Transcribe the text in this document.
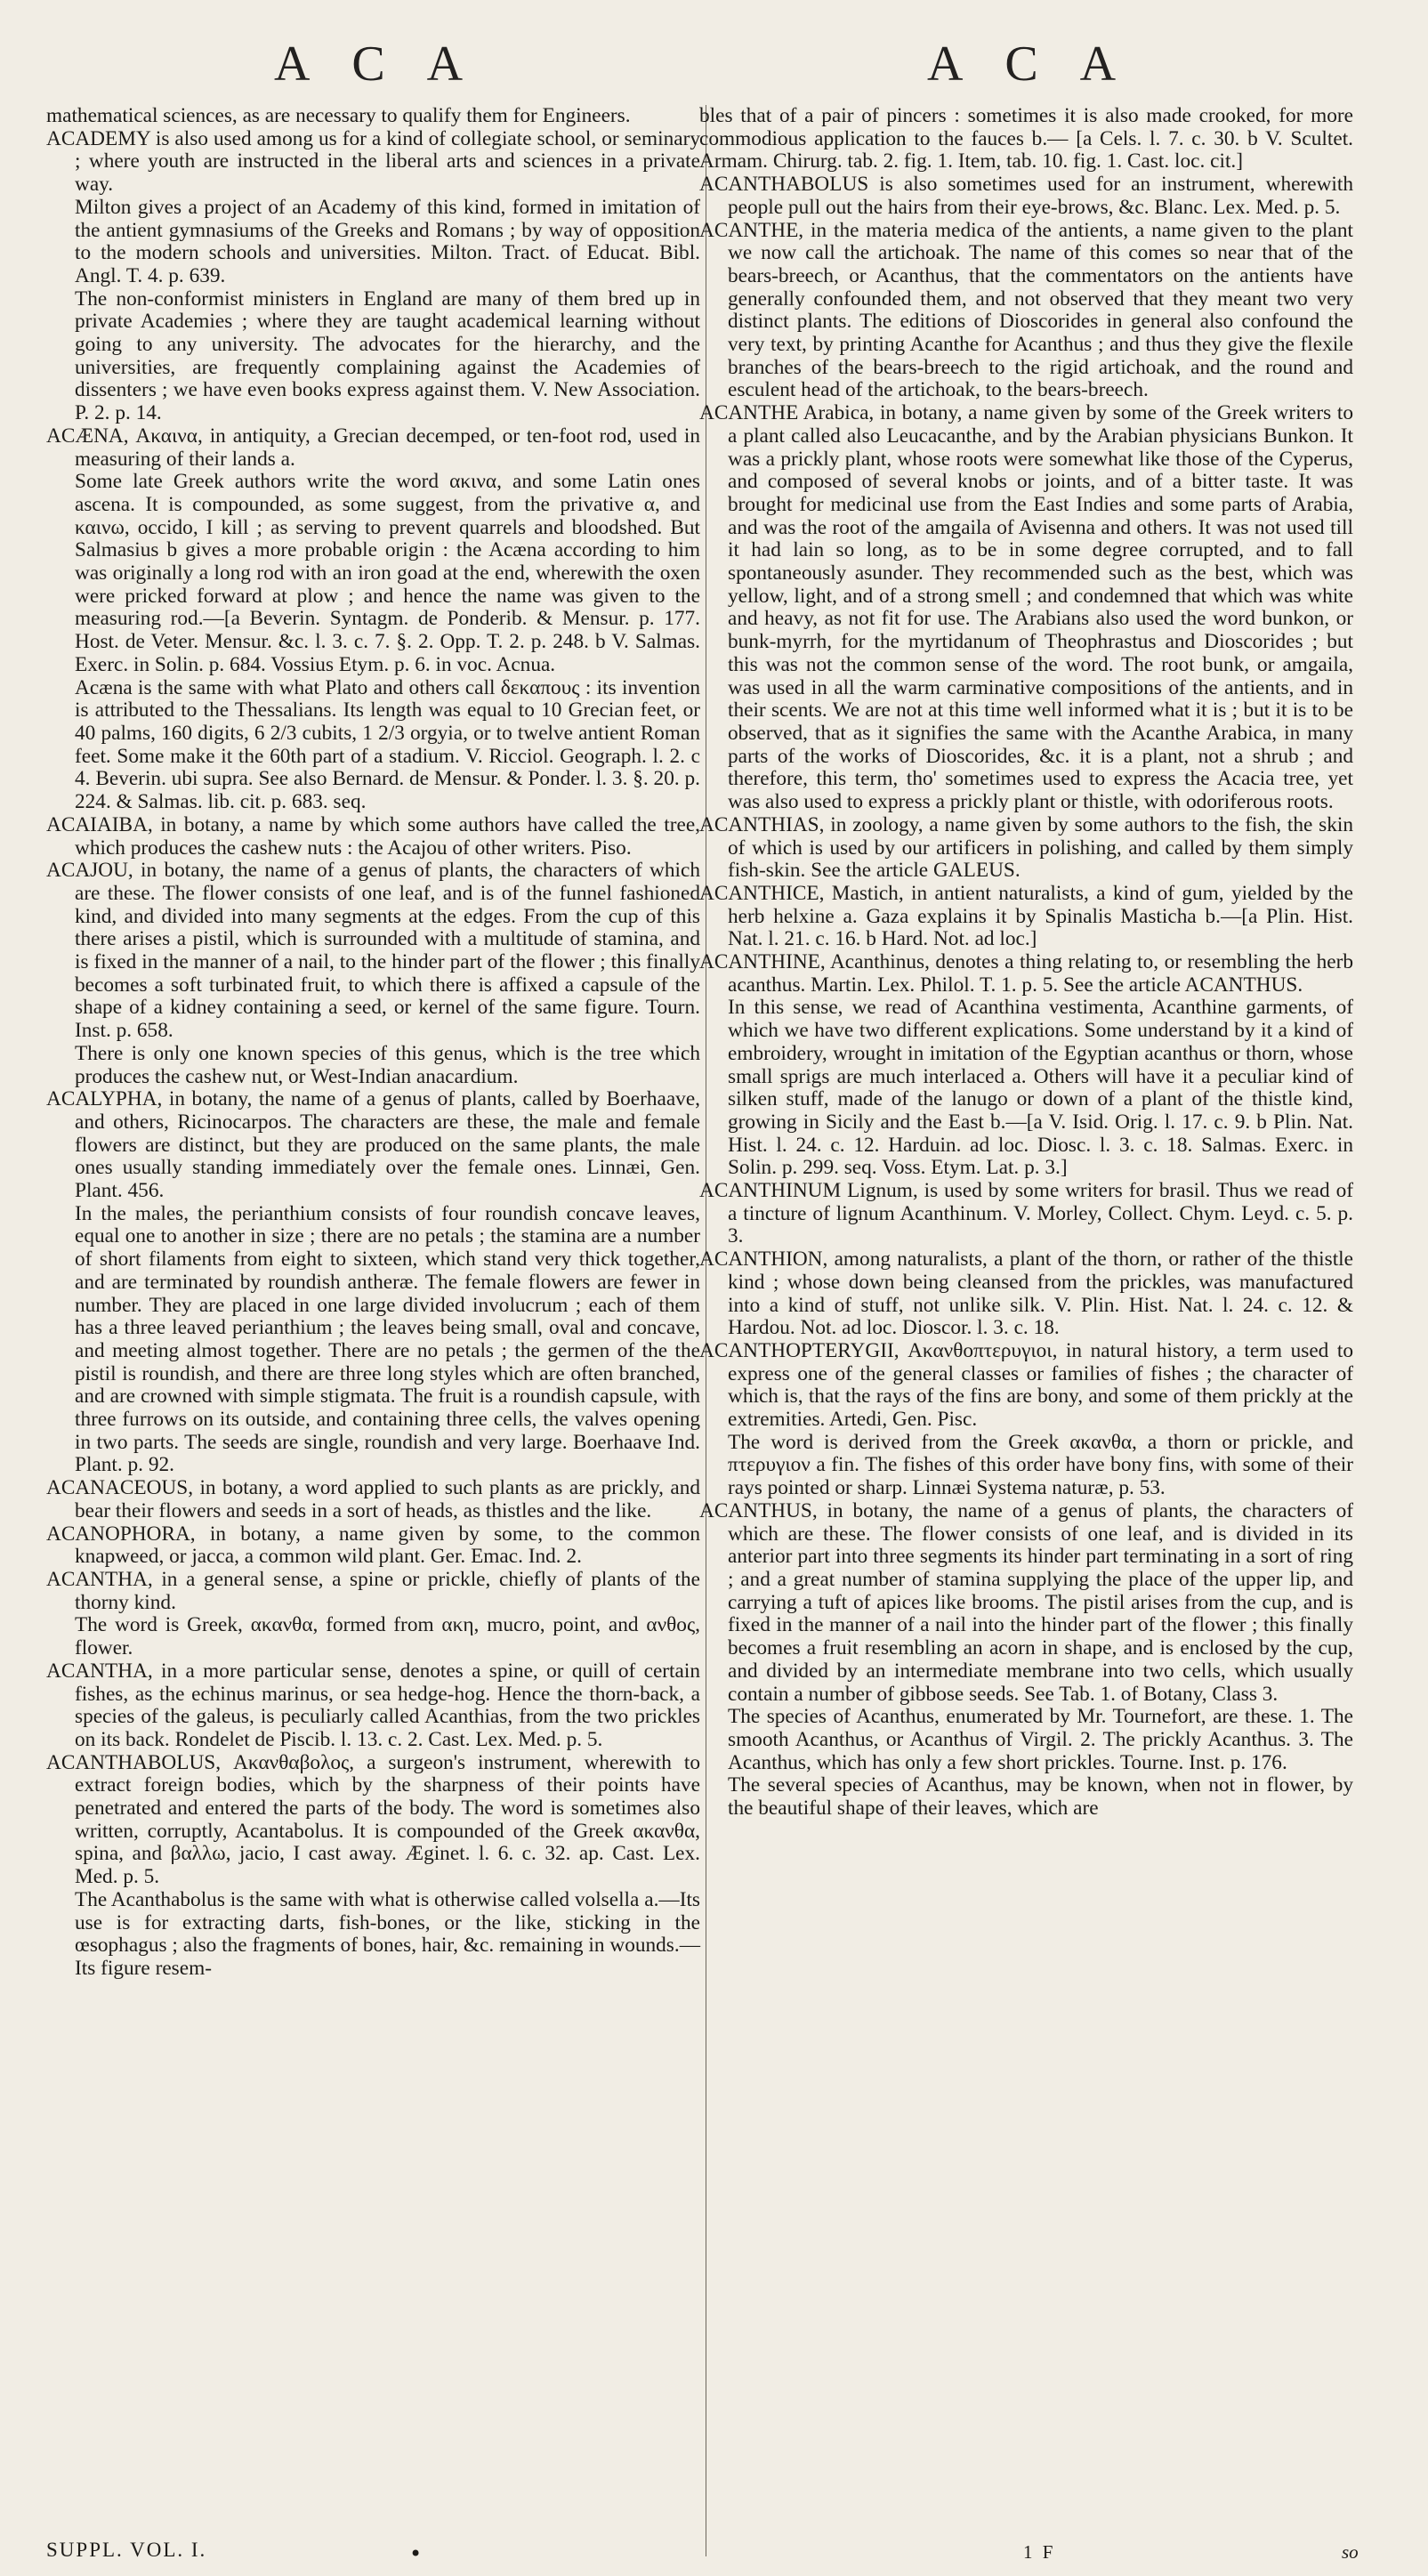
A C A	A C A

mathematical sciences, as are necessary to qualify them for Engineers.

ACADEMY is also used among us for a kind of collegiate school, or seminary ; where youth are instructed in the liberal arts and sciences in a private way.

Milton gives a project of an Academy of this kind, formed in imitation of the antient gymnasiums of the Greeks and Romans ; by way of opposition to the modern schools and universities. Milton. Tract. of Educat. Bibl. Angl. T. 4. p. 639.

The non-conformist ministers in England are many of them bred up in private Academies ; where they are taught academical learning without going to any university. The advocates for the hierarchy, and the universities, are frequently complaining against the Academies of dissenters ; we have even books express against them. V. New Association. P. 2. p. 14.

ACÆNA, Ακαινα, in antiquity, a Grecian decemped, or ten-foot rod, used in measuring of their lands a.

Some late Greek authors write the word ακινα, and some Latin ones ascena. It is compounded, as some suggest, from the privative α, and καινω, occido, I kill ; as serving to prevent quarrels and bloodshed. But Salmasius b gives a more probable origin : the Acæna according to him was originally a long rod with an iron goad at the end, wherewith the oxen were pricked forward at plow ; and hence the name was given to the measuring rod.—[a Beverin. Syntagm. de Ponderib. & Mensur. p. 177. Host. de Veter. Mensur. &c. l. 3. c. 7. §. 2. Opp. T. 2. p. 248. b V. Salmas. Exerc. in Solin. p. 684. Vossius Etym. p. 6. in voc. Acnua.

Acæna is the same with what Plato and others call δεκαπους : its invention is attributed to the Thessalians. Its length was equal to 10 Grecian feet, or 40 palms, 160 digits, 6 2/3 cubits, 1 2/3 orgyia, or to twelve antient Roman feet. Some make it the 60th part of a stadium. V. Ricciol. Geograph. l. 2. c 4. Beverin. ubi supra. See also Bernard. de Mensur. & Ponder. l. 3. §. 20. p. 224. & Salmas. lib. cit. p. 683. seq.

ACAIAIBA, in botany, a name by which some authors have called the tree, which produces the cashew nuts : the Acajou of other writers. Piso.

ACAJOU, in botany, the name of a genus of plants, the characters of which are these. The flower consists of one leaf, and is of the funnel fashioned kind, and divided into many segments at the edges. From the cup of this there arises a pistil, which is surrounded with a multitude of stamina, and is fixed in the manner of a nail, to the hinder part of the flower ; this finally becomes a soft turbinated fruit, to which there is affixed a capsule of the shape of a kidney containing a seed, or kernel of the same figure. Tourn. Inst. p. 658.

There is only one known species of this genus, which is the tree which produces the cashew nut, or West-Indian anacardium.

ACALYPHA, in botany, the name of a genus of plants, called by Boerhaave, and others, Ricinocarpos. The characters are these, the male and female flowers are distinct, but they are produced on the same plants, the male ones usually standing immediately over the female ones. Linnæi, Gen. Plant. 456.

In the males, the perianthium consists of four roundish concave leaves, equal one to another in size ; there are no petals ; the stamina are a number of short filaments from eight to sixteen, which stand very thick together, and are terminated by roundish antheræ. The female flowers are fewer in number. They are placed in one large divided involucrum ; each of them has a three leaved perianthium ; the leaves being small, oval and concave, and meeting almost together. There are no petals ; the germen of the the pistil is roundish, and there are three long styles which are often branched, and are crowned with simple stigmata. The fruit is a roundish capsule, with three furrows on its outside, and containing three cells, the valves opening in two parts. The seeds are single, roundish and very large. Boerhaave Ind. Plant. p. 92.

ACANACEOUS, in botany, a word applied to such plants as are prickly, and bear their flowers and seeds in a sort of heads, as thistles and the like.

ACANOPHORA, in botany, a name given by some, to the common knapweed, or jacca, a common wild plant. Ger. Emac. Ind. 2.

ACANTHA, in a general sense, a spine or prickle, chiefly of plants of the thorny kind.

The word is Greek, ακανθα, formed from ακη, mucro, point, and ανθος, flower.

ACANTHA, in a more particular sense, denotes a spine, or quill of certain fishes, as the echinus marinus, or sea hedge-hog. Hence the thorn-back, a species of the galeus, is peculiarly called Acanthias, from the two prickles on its back. Rondelet de Piscib. l. 13. c. 2. Cast. Lex. Med. p. 5.

ACANTHABOLUS, Ακανθαβολος, a surgeon's instrument, wherewith to extract foreign bodies, which by the sharpness of their points have penetrated and entered the parts of the body. The word is sometimes also written, corruptly, Acantabolus. It is compounded of the Greek ακανθα, spina, and βαλλω, jacio, I cast away. Æginet. l. 6. c. 32. ap. Cast. Lex. Med. p. 5.

The Acanthabolus is the same with what is otherwise called volsella a.—Its use is for extracting darts, fish-bones, or the like, sticking in the œsophagus ; also the fragments of bones, hair, &c. remaining in wounds.—Its figure resem-

bles that of a pair of pincers : sometimes it is also made crooked, for more commodious application to the fauces b.— [a Cels. l. 7. c. 30. b V. Scultet. Armam. Chirurg. tab. 2. fig. 1. Item, tab. 10. fig. 1. Cast. loc. cit.]

ACANTHABOLUS is also sometimes used for an instrument, wherewith people pull out the hairs from their eye-brows, &c. Blanc. Lex. Med. p. 5.

ACANTHE, in the materia medica of the antients, a name given to the plant we now call the artichoak. The name of this comes so near that of the bears-breech, or Acanthus, that the commentators on the antients have generally confounded them, and not observed that they meant two very distinct plants. The editions of Dioscorides in general also confound the very text, by printing Acanthe for Acanthus ; and thus they give the flexile branches of the bears-breech to the rigid artichoak, and the round and esculent head of the artichoak, to the bears-breech.

ACANTHE Arabica, in botany, a name given by some of the Greek writers to a plant called also Leucacanthe, and by the Arabian physicians Bunkon. It was a prickly plant, whose roots were somewhat like those of the Cyperus, and composed of several knobs or joints, and of a bitter taste. It was brought for medicinal use from the East Indies and some parts of Arabia, and was the root of the amgaila of Avisenna and others. It was not used till it had lain so long, as to be in some degree corrupted, and to fall spontaneously asunder. They recommended such as the best, which was yellow, light, and of a strong smell ; and condemned that which was white and heavy, as not fit for use. The Arabians also used the word bunkon, or bunk-myrrh, for the myrtidanum of Theophrastus and Dioscorides ; but this was not the common sense of the word. The root bunk, or amgaila, was used in all the warm carminative compositions of the antients, and in their scents. We are not at this time well informed what it is ; but it is to be observed, that as it signifies the same with the Acanthe Arabica, in many parts of the works of Dioscorides, &c. it is a plant, not a shrub ; and therefore, this term, tho' sometimes used to express the Acacia tree, yet was also used to express a prickly plant or thistle, with odoriferous roots.

ACANTHIAS, in zoology, a name given by some authors to the fish, the skin of which is used by our artificers in polishing, and called by them simply fish-skin. See the article GALEUS.

ACANTHICE, Mastich, in antient naturalists, a kind of gum, yielded by the herb helxine a. Gaza explains it by Spinalis Masticha b.—[a Plin. Hist. Nat. l. 21. c. 16. b Hard. Not. ad loc.]

ACANTHINE, Acanthinus, denotes a thing relating to, or resembling the herb acanthus. Martin. Lex. Philol. T. 1. p. 5. See the article ACANTHUS.

In this sense, we read of Acanthina vestimenta, Acanthine garments, of which we have two different explications. Some understand by it a kind of embroidery, wrought in imitation of the Egyptian acanthus or thorn, whose small sprigs are much interlaced a. Others will have it a peculiar kind of silken stuff, made of the lanugo or down of a plant of the thistle kind, growing in Sicily and the East b.—[a V. Isid. Orig. l. 17. c. 9. b Plin. Nat. Hist. l. 24. c. 12. Harduin. ad loc. Diosc. l. 3. c. 18. Salmas. Exerc. in Solin. p. 299. seq. Voss. Etym. Lat. p. 3.]

ACANTHINUM Lignum, is used by some writers for brasil. Thus we read of a tincture of lignum Acanthinum. V. Morley, Collect. Chym. Leyd. c. 5. p. 3.

ACANTHION, among naturalists, a plant of the thorn, or rather of the thistle kind ; whose down being cleansed from the prickles, was manufactured into a kind of stuff, not unlike silk. V. Plin. Hist. Nat. l. 24. c. 12. & Hardou. Not. ad loc. Dioscor. l. 3. c. 18.

ACANTHOPTERYGII, Ακανθοπτερυγιοι, in natural history, a term used to express one of the general classes or families of fishes ; the character of which is, that the rays of the fins are bony, and some of them prickly at the extremities. Artedi, Gen. Pisc.

The word is derived from the Greek ακανθα, a thorn or prickle, and πτερυγιον a fin. The fishes of this order have bony fins, with some of their rays pointed or sharp. Linnæi Systema naturæ, p. 53.

ACANTHUS, in botany, the name of a genus of plants, the characters of which are these. The flower consists of one leaf, and is divided in its anterior part into three segments its hinder part terminating in a sort of ring ; and a great number of stamina supplying the place of the upper lip, and carrying a tuft of apices like brooms. The pistil arises from the cup, and is fixed in the manner of a nail into the hinder part of the flower ; this finally becomes a fruit resembling an acorn in shape, and is enclosed by the cup, and divided by an intermediate membrane into two cells, which usually contain a number of gibbose seeds. See Tab. 1. of Botany, Class 3.

The species of Acanthus, enumerated by Mr. Tournefort, are these. 1. The smooth Acanthus, or Acanthus of Virgil. 2. The prickly Acanthus. 3. The Acanthus, which has only a few short prickles. Tourne. Inst. p. 176.

The several species of Acanthus, may be known, when not in flower, by the beautiful shape of their leaves, which are

SUPPL. VOL. I.	•	1 F	so
